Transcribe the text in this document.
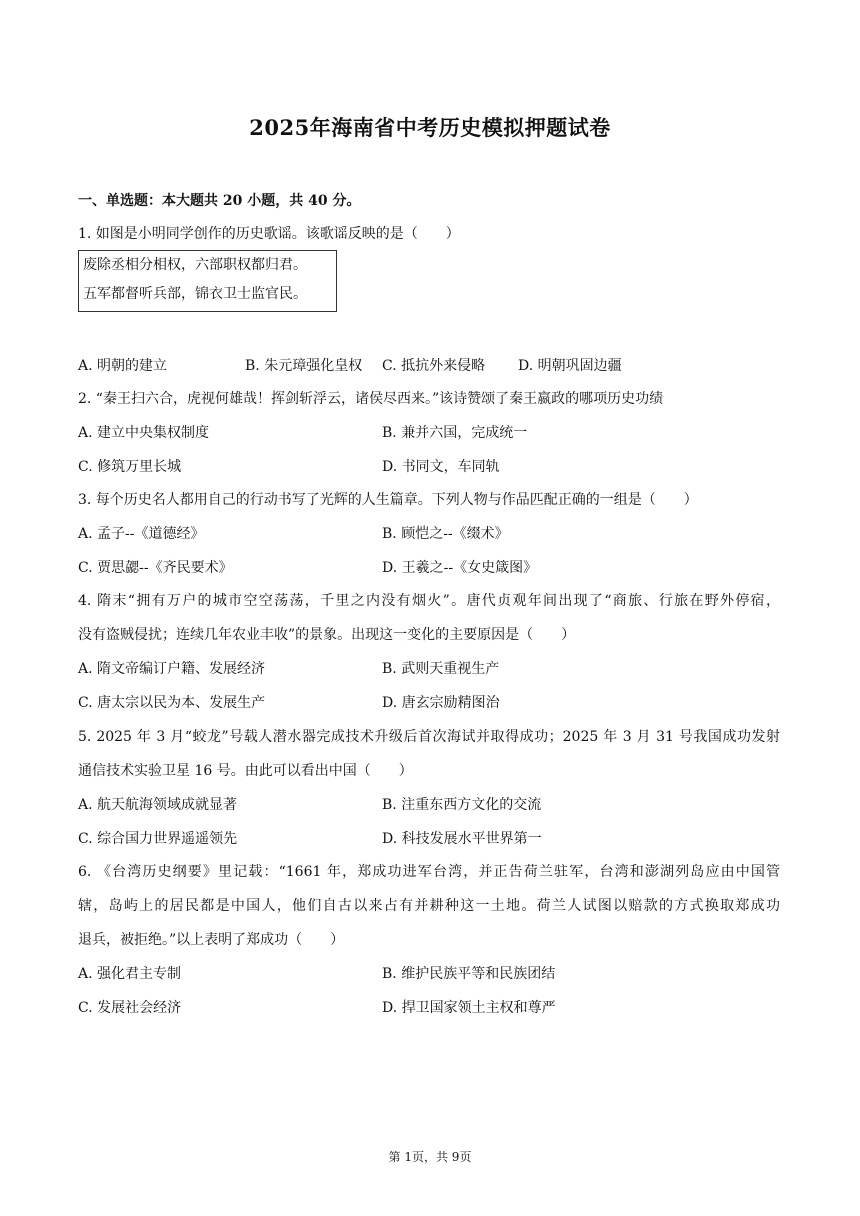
2025年海南省中考历史模拟押题试卷
一、单选题：本大题共 20 小题，共 40 分。
1. 如图是小明同学创作的历史歌谣。该歌谣反映的是（　　）
废除丞相分相权，六部职权都归君。
五军都督听兵部，锦衣卫士监官民。
A. 明朝的建立	B. 朱元璋强化皇权 C. 抵抗外来侵略 D. 明朝巩固边疆
2. “秦王扫六合，虎视何雄哉！挥剑斩浮云，诸侯尽西来。”该诗赞颂了秦王嬴政的哪项历史功绩
A. 建立中央集权制度	B. 兼并六国，完成统一
C. 修筑万里长城	D. 书同文，车同轨
3. 每个历史名人都用自己的行动书写了光辉的人生篇章。下列人物与作品匹配正确的一组是（　　）
A. 孟子--《道德经》	B. 顾恺之--《缀术》
C. 贾思勰--《齐民要术》	D. 王羲之--《女史箴图》
4. 隋末“拥有万户的城市空空荡荡，千里之内没有烟火”。唐代贞观年间出现了“商旅、行旅在野外停宿，
没有盗贼侵扰；连续几年农业丰收”的景象。出现这一变化的主要原因是（　　）
A. 隋文帝编订户籍、发展经济	B. 武则天重视生产
C. 唐太宗以民为本、发展生产	D. 唐玄宗励精图治
5. 2025 年 3 月“蛟龙”号载人潜水器完成技术升级后首次海试并取得成功；2025 年 3 月 31 号我国成功发射
通信技术实验卫星 16 号。由此可以看出中国（　　）
A. 航天航海领域成就显著	B. 注重东西方文化的交流
C. 综合国力世界遥遥领先	D. 科技发展水平世界第一
6. 《台湾历史纲要》里记载：“1661 年，郑成功进军台湾，并正告荷兰驻军，台湾和澎湖列岛应由中国管
辖，岛屿上的居民都是中国人，他们自古以来占有并耕种这一土地。荷兰人试图以赔款的方式换取郑成功
退兵，被拒绝。”以上表明了郑成功（　　）
A. 强化君主专制	B. 维护民族平等和民族团结
C. 发展社会经济	D. 捍卫国家领土主权和尊严
第 1页，共 9页
